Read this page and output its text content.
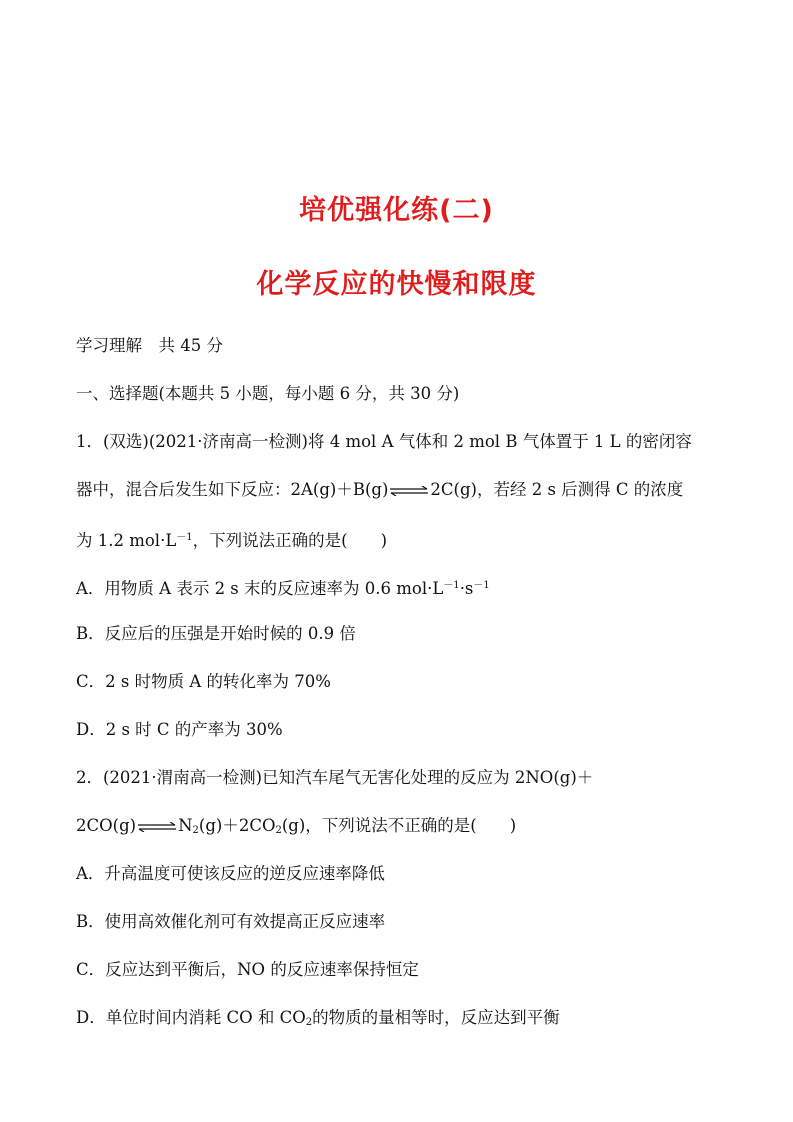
培优强化练(二)
化学反应的快慢和限度
学习理解　共 45 分
一、选择题(本题共 5 小题，每小题 6 分，共 30 分)
1．(双选)(2021·济南高一检测)将 4 mol A 气体和 2 mol B 气体置于 1 L 的密闭容
器中，混合后发生如下反应：2A(g)＋B(g)⇌2C(g)，若经 2 s 后测得 C 的浓度
为 1.2 $mol\cdot L^{-1}$，下列说法正确的是(　　)
A．用物质 A 表示 2 s 末的反应速率为 0.6 $mol\cdot L^{-1}\cdot s^{-1}$
B．反应后的压强是开始时候的 0.9 倍
C．2 s 时物质 A 的转化率为 70%
D．2 s 时 C 的产率为 30%
2．(2021·渭南高一检测)已知汽车尾气无害化处理的反应为 2NO(g)＋
$2CO(g)\rightleftharpoons N_2(g)+2CO_2(g)$，下列说法不正确的是(　　)
A．升高温度可使该反应的逆反应速率降低
B．使用高效催化剂可有效提高正反应速率
C．反应达到平衡后，NO 的反应速率保持恒定
D．单位时间内消耗 CO 和 $CO_2$的物质的量相等时，反应达到平衡
